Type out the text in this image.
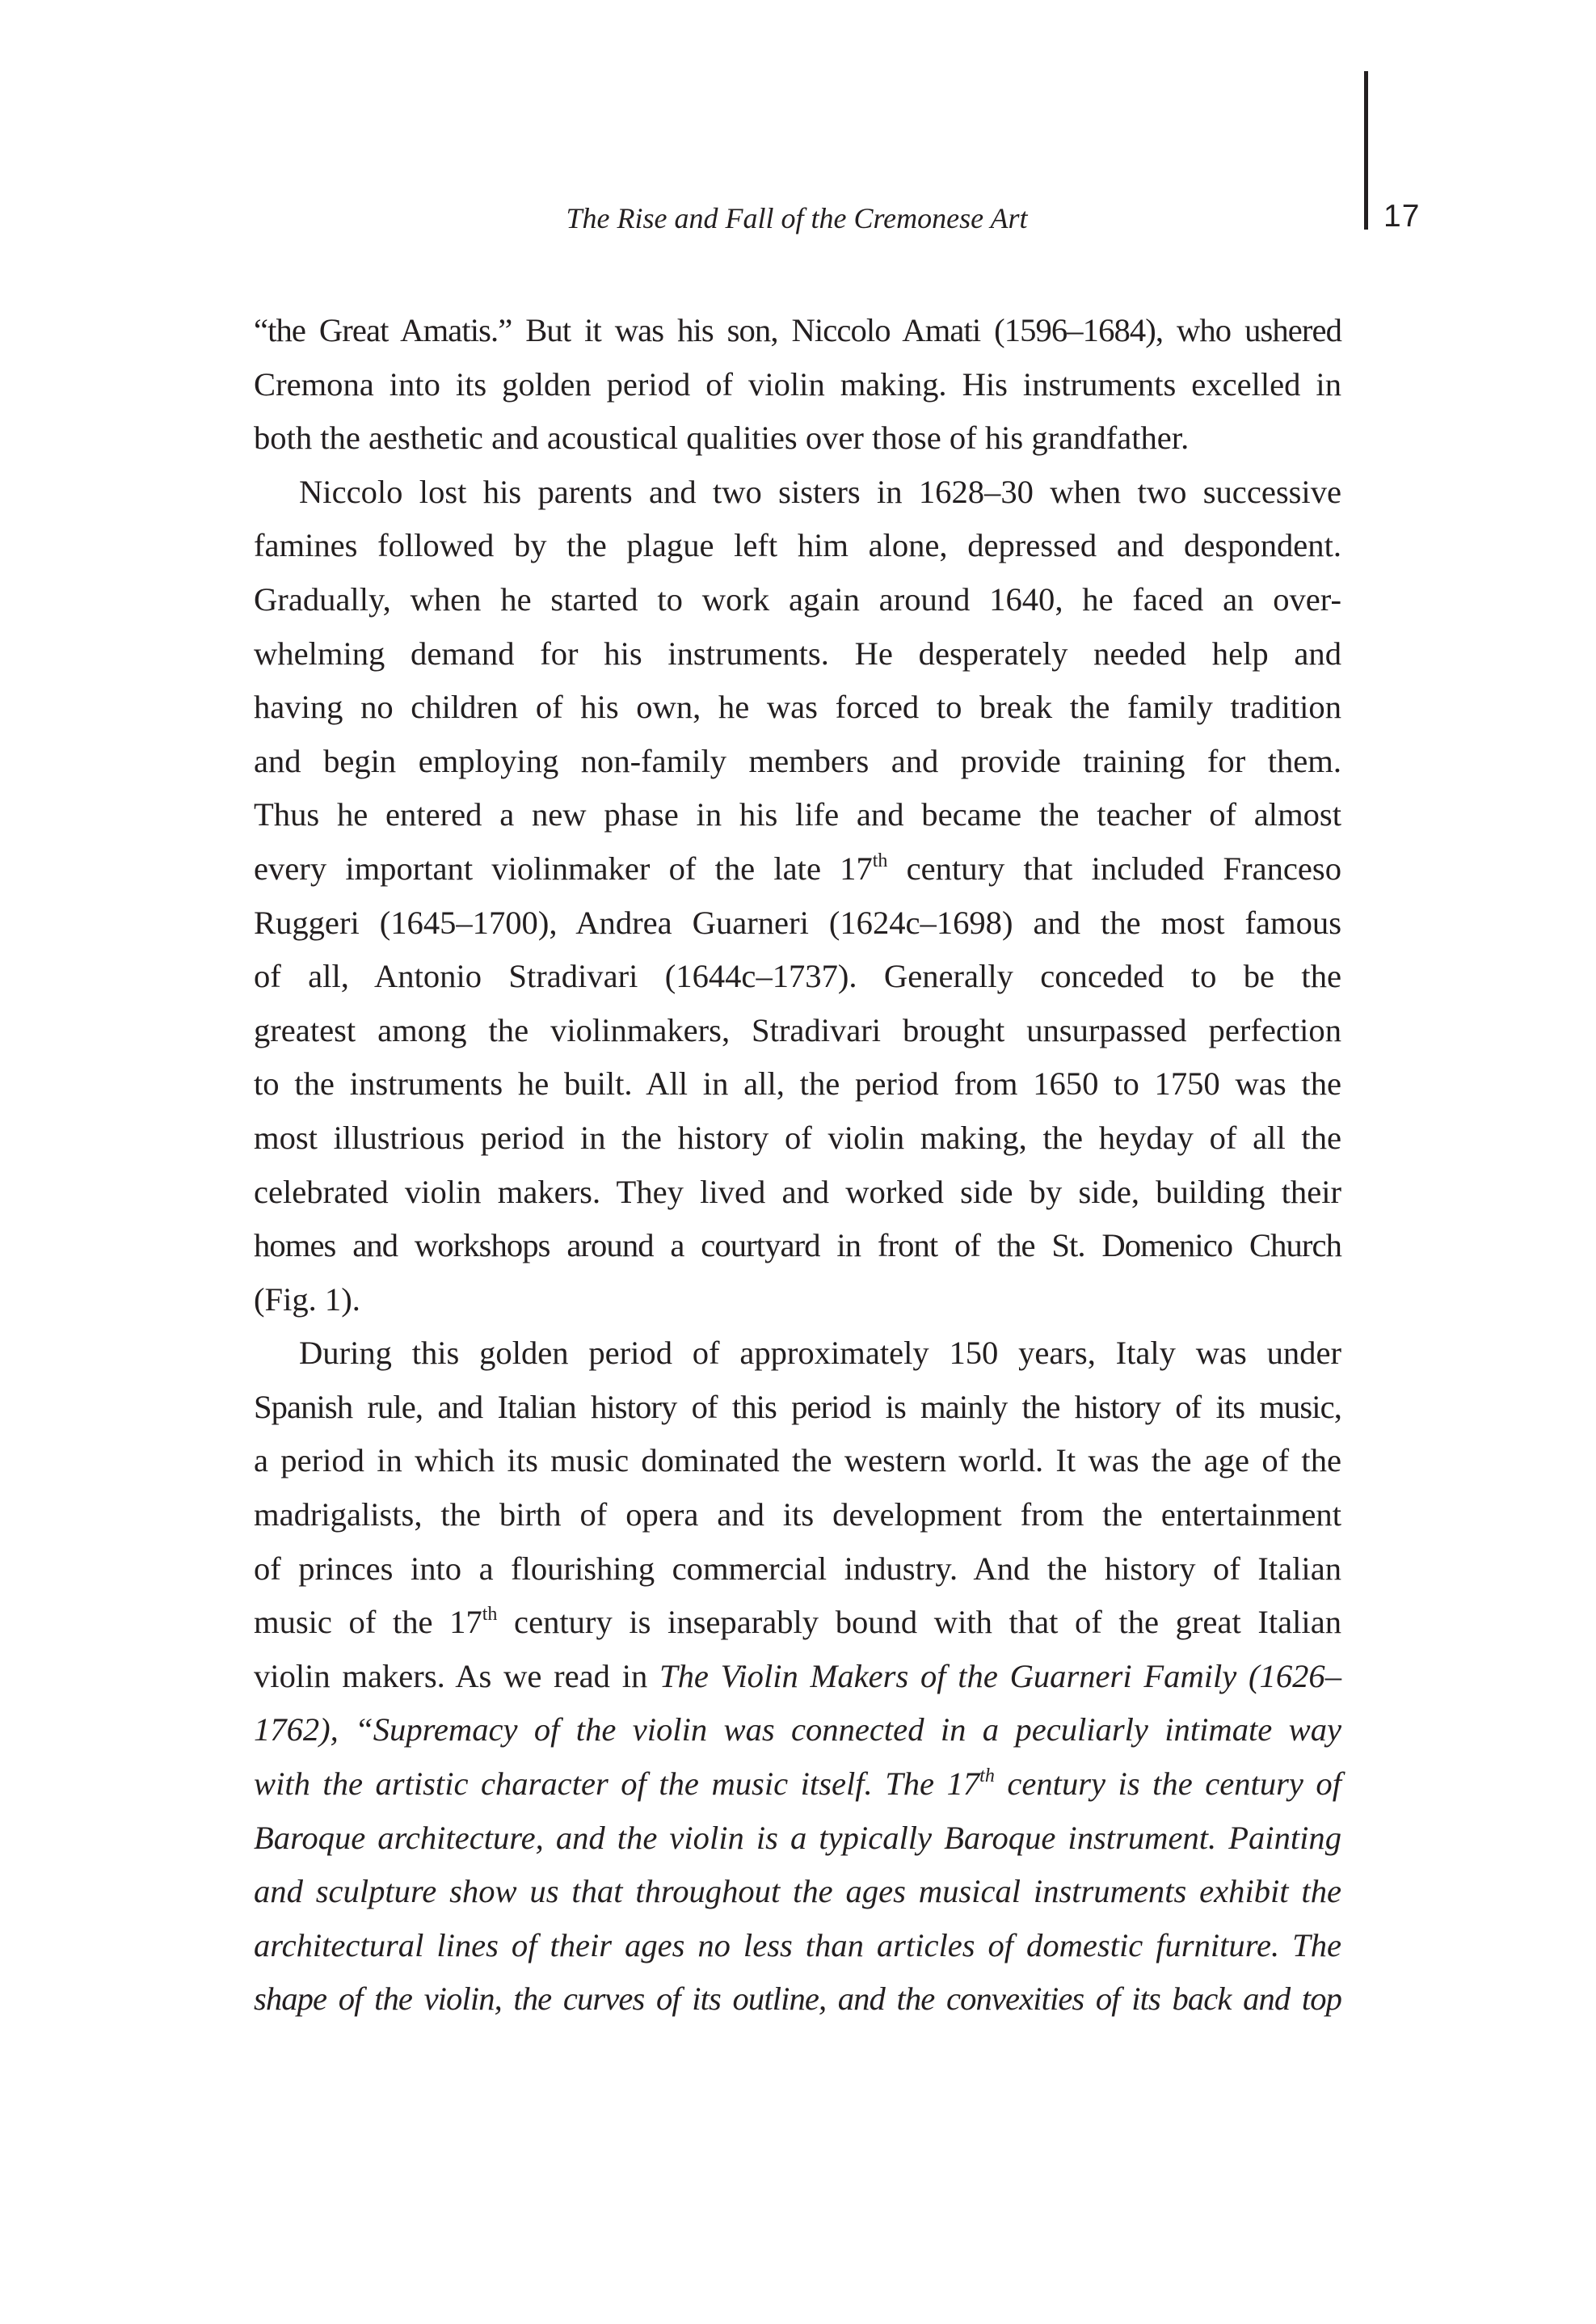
The Rise and Fall of the Cremonese Art	17
“the Great Amatis.” But it was his son, Niccolo Amati (1596–1684), who ushered
Cremona into its golden period of violin making. His instruments excelled in
both the aesthetic and acoustical qualities over those of his grandfather.
Niccolo lost his parents and two sisters in 1628–30 when two successive
famines followed by the plague left him alone, depressed and despondent.
Gradually, when he started to work again around 1640, he faced an over-
whelming demand for his instruments. He desperately needed help and
having no children of his own, he was forced to break the family tradition
and begin employing non-family members and provide training for them.
Thus he entered a new phase in his life and became the teacher of almost
every important violinmaker of the late 17th century that included Franceso
Ruggeri (1645–1700), Andrea Guarneri (1624c–1698) and the most famous
of all, Antonio Stradivari (1644c–1737). Generally conceded to be the
greatest among the violinmakers, Stradivari brought unsurpassed perfection
to the instruments he built. All in all, the period from 1650 to 1750 was the
most illustrious period in the history of violin making, the heyday of all the
celebrated violin makers. They lived and worked side by side, building their
homes and workshops around a courtyard in front of the St. Domenico Church
(Fig. 1).
During this golden period of approximately 150 years, Italy was under
Spanish rule, and Italian history of this period is mainly the history of its music,
a period in which its music dominated the western world. It was the age of the
madrigalists, the birth of opera and its development from the entertainment
of princes into a flourishing commercial industry. And the history of Italian
music of the 17th century is inseparably bound with that of the great Italian
violin makers. As we read in The Violin Makers of the Guarneri Family (1626–
1762), “Supremacy of the violin was connected in a peculiarly intimate way
with the artistic character of the music itself. The 17th century is the century of
Baroque architecture, and the violin is a typically Baroque instrument. Painting
and sculpture show us that throughout the ages musical instruments exhibit the
architectural lines of their ages no less than articles of domestic furniture. The
shape of the violin, the curves of its outline, and the convexities of its back and top
